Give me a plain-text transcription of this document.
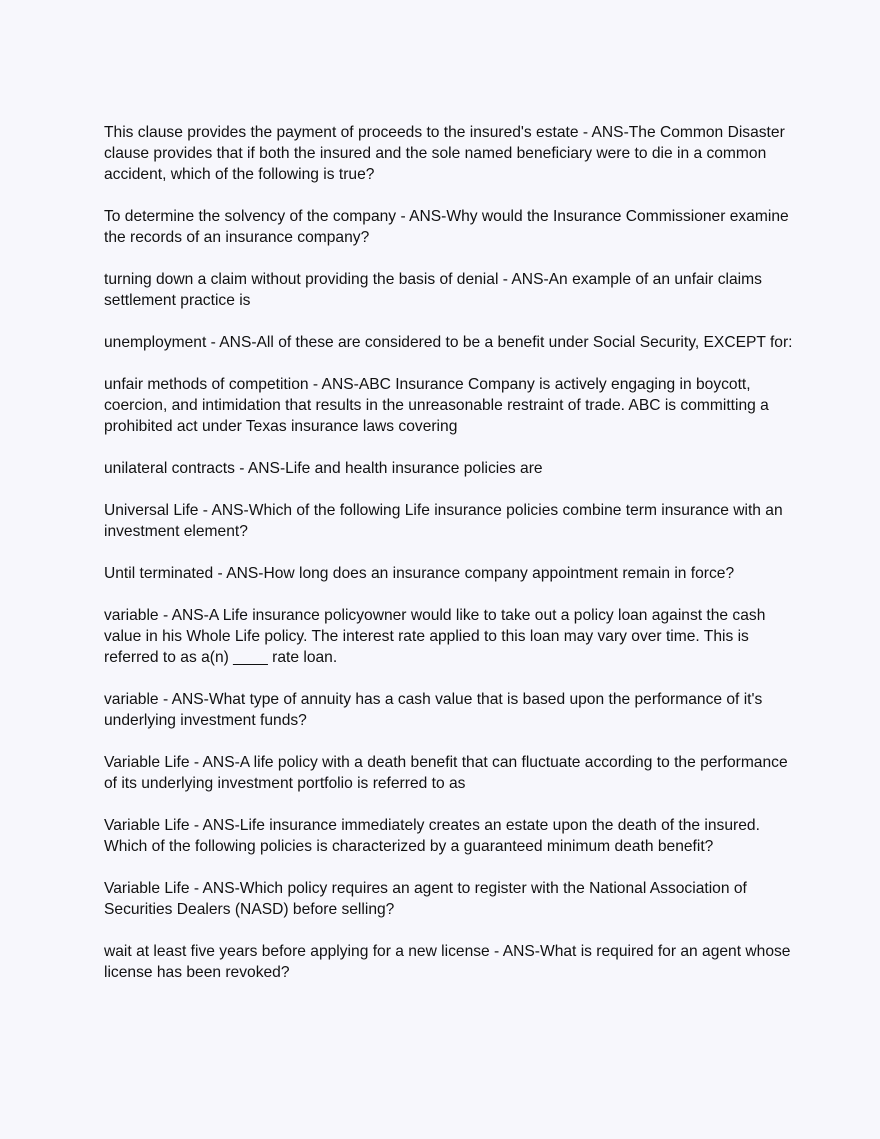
This clause provides the payment of proceeds to the insured's estate - ANS-The Common Disaster clause provides that if both the insured and the sole named beneficiary were to die in a common accident, which of the following is true?

To determine the solvency of the company - ANS-Why would the Insurance Commissioner examine the records of an insurance company?

turning down a claim without providing the basis of denial - ANS-An example of an unfair claims settlement practice is

unemployment - ANS-All of these are considered to be a benefit under Social Security, EXCEPT for:

unfair methods of competition - ANS-ABC Insurance Company is actively engaging in boycott, coercion, and intimidation that results in the unreasonable restraint of trade. ABC is committing a prohibited act under Texas insurance laws covering

unilateral contracts - ANS-Life and health insurance policies are

Universal Life - ANS-Which of the following Life insurance policies combine term insurance with an investment element?

Until terminated - ANS-How long does an insurance company appointment remain in force?

variable - ANS-A Life insurance policyowner would like to take out a policy loan against the cash value in his Whole Life policy. The interest rate applied to this loan may vary over time. This is referred to as a(n) ____ rate loan.

variable - ANS-What type of annuity has a cash value that is based upon the performance of it's underlying investment funds?

Variable Life - ANS-A life policy with a death benefit that can fluctuate according to the performance of its underlying investment portfolio is referred to as

Variable Life - ANS-Life insurance immediately creates an estate upon the death of the insured. Which of the following policies is characterized by a guaranteed minimum death benefit?

Variable Life - ANS-Which policy requires an agent to register with the National Association of Securities Dealers (NASD) before selling?

wait at least five years before applying for a new license - ANS-What is required for an agent whose license has been revoked?
